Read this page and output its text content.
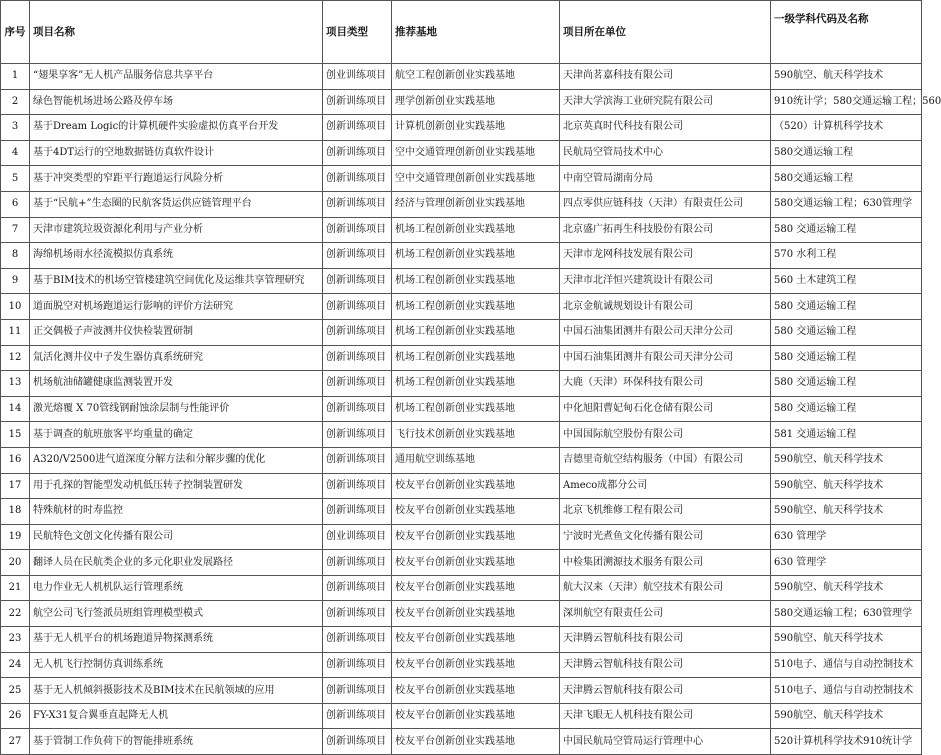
序号	项目名称	项目类型	推荐基地	项目所在单位	一级学科代码及名称
1	“翅果享客”无人机产品服务信息共享平台	创业训练项目	航空工程创新创业实践基地	天津尚茗嘉科技有限公司	590航空、航天科学技术
2	绿色智能机场进场公路及停车场	创新训练项目	理学创新创业实践基地	天津大学滨海工业研究院有限公司	910统计学；580交通运输工程；560
3	基于Dream Logic的计算机硬件实验虚拟仿真平台开发	创新训练项目	计算机创新创业实践基地	北京英真时代科技有限公司	（520）计算机科学技术
4	基于4DT运行的空地数据链仿真软件设计	创新训练项目	空中交通管理创新创业实践基地	民航局空管局技术中心	580交通运输工程
5	基于冲突类型的窄距平行跑道运行风险分析	创新训练项目	空中交通管理创新创业实践基地	中南空管局湖南分局	580交通运输工程
6	基于“民航+”生态圈的民航客货运供应链管理平台	创新训练项目	经济与管理创新创业实践基地	四点零供应链科技（天津）有限责任公司	580交通运输工程；630管理学
7	天津市建筑垃圾资源化利用与产业分析	创新训练项目	机场工程创新创业实践基地	北京盛广拓再生科技股份有限公司	580 交通运输工程
8	海绵机场雨水径流模拟仿真系统	创新训练项目	机场工程创新创业实践基地	天津市龙网科技发展有限公司	570 水利工程
9	基于BIM技术的机场空管楼建筑空间优化及运维共享管理研究	创新训练项目	机场工程创新创业实践基地	天津市北洋恒兴建筑设计有限公司	560 土木建筑工程
10	道面脱空对机场跑道运行影响的评价方法研究	创新训练项目	机场工程创新创业实践基地	北京金航诚规划设计有限公司	580 交通运输工程
11	正交偶极子声波测井仪快检装置研制	创新训练项目	机场工程创新创业实践基地	中国石油集团测井有限公司天津分公司	580 交通运输工程
12	氚活化测井仪中子发生器仿真系统研究	创新训练项目	机场工程创新创业实践基地	中国石油集团测井有限公司天津分公司	580 交通运输工程
13	机场航油储罐健康监测装置开发	创新训练项目	机场工程创新创业实践基地	大鹿（天津）环保科技有限公司	580 交通运输工程
14	激光熔覆 X 70管线钢耐蚀涂层制与性能评价	创新训练项目	机场工程创新创业实践基地	中化旭阳曹妃甸石化仓储有限公司	580 交通运输工程
15	基于调查的航班旅客平均重量的确定	创新训练项目	飞行技术创新创业实践基地	中国国际航空股份有限公司	581 交通运输工程
16	A320/V2500进气道深度分解方法和分解步骤的优化	创新训练项目	通用航空训练基地	吉德里奇航空结构服务（中国）有限公司	590航空、航天科学技术
17	用于孔探的智能型发动机低压转子控制装置研发	创新训练项目	校友平台创新创业实践基地	Ameco成都分公司	590航空、航天科学技术
18	特殊航材的时寿监控	创新训练项目	校友平台创新创业实践基地	北京飞机维修工程有限公司	590航空、航天科学技术
19	民航特色文创文化传播有限公司	创业训练项目	校友平台创新创业实践基地	宁波时光煮鱼文化传播有限公司	630 管理学
20	翻译人员在民航类企业的多元化职业发展路径	创新训练项目	校友平台创新创业实践基地	中检集团溯源技术服务有限公司	630 管理学
21	电力作业无人机机队运行管理系统	创新训练项目	校友平台创新创业实践基地	航大汉来（天津）航空技术有限公司	590航空、航天科学技术
22	航空公司飞行签派员班组管理模型模式	创新训练项目	校友平台创新创业实践基地	深圳航空有限责任公司	580交通运输工程；630管理学
23	基于无人机平台的机场跑道异物探测系统	创新训练项目	校友平台创新创业实践基地	天津腾云智航科技有限公司	590航空、航天科学技术
24	无人机飞行控制仿真训练系统	创新训练项目	校友平台创新创业实践基地	天津腾云智航科技有限公司	510电子、通信与自动控制技术
25	基于无人机倾斜摄影技术及BIM技术在民航领域的应用	创新训练项目	校友平台创新创业实践基地	天津腾云智航科技有限公司	510电子、通信与自动控制技术
26	FY-X31复合翼垂直起降无人机	创新训练项目	校友平台创新创业实践基地	天津飞眼无人机科技有限公司	590航空、航天科学技术
27	基于管制工作负荷下的智能排班系统	创新训练项目	校友平台创新创业实践基地	中国民航局空管局运行管理中心	520计算机科学技术910统计学
